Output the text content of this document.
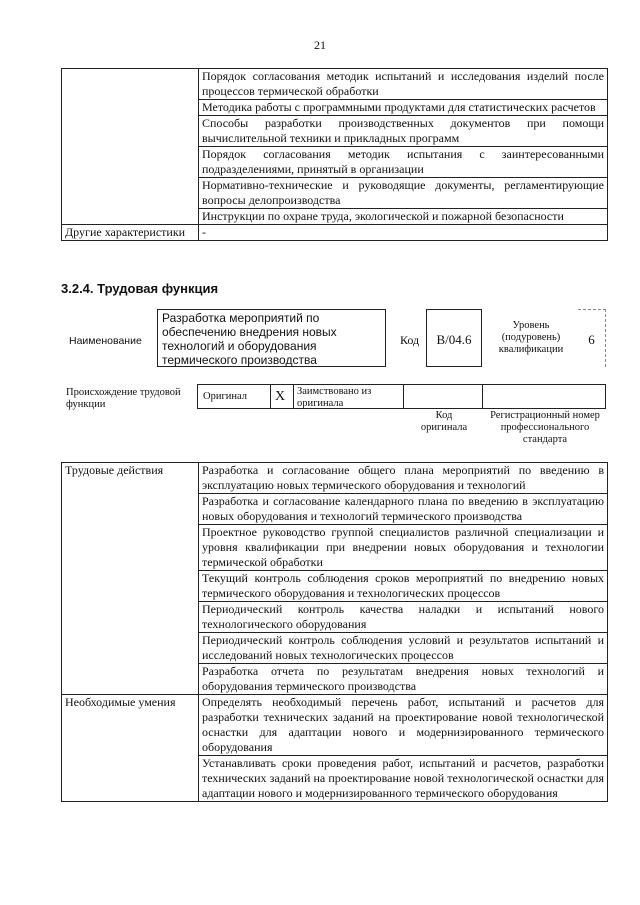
21
	Порядок согласования методик испытаний и исследования изделий после процессов термической обработки
	Методика работы с программными продуктами для статистических расчетов
	Способы разработки производственных документов при помощи вычислительной техники и прикладных программ
	Порядок согласования методик испытания с заинтересованными подразделениями, принятый в организации
	Нормативно-технические и руководящие документы, регламентирующие вопросы делопроизводства
	Инструкции по охране труда, экологической и пожарной безопасности
Другие характеристики	-
3.2.4. Трудовая функция
Наименование
Разработка мероприятий по обеспечению внедрения новых технологий и оборудования термического производства
Код	B/04.6
Уровень (подуровень) квалификации
6
Происхождение трудовой функции
Оригинал X Заимствовано из оригинала
Код оригинала
Регистрационный номер профессионального стандарта
Трудовые действия	Разработка и согласование общего плана мероприятий по введению в эксплуатацию новых термического оборудования и технологий
	Разработка и согласование календарного плана по введению в эксплуатацию новых оборудования и технологий термического производства
	Проектное руководство группой специалистов различной специализации и уровня квалификации при внедрении новых оборудования и технологии термической обработки
	Текущий контроль соблюдения сроков мероприятий по внедрению новых термического оборудования и технологических процессов
	Периодический контроль качества наладки и испытаний нового технологического оборудования
	Периодический контроль соблюдения условий и результатов испытаний и исследований новых технологических процессов
	Разработка отчета по результатам внедрения новых технологий и оборудования термического производства
Необходимые умения	Определять необходимый перечень работ, испытаний и расчетов для разработки технических заданий на проектирование новой технологической оснастки для адаптации нового и модернизированного термического оборудования
	Устанавливать сроки проведения работ, испытаний и расчетов, разработки технических заданий на проектирование новой технологической оснастки для адаптации нового и модернизированного термического оборудования
